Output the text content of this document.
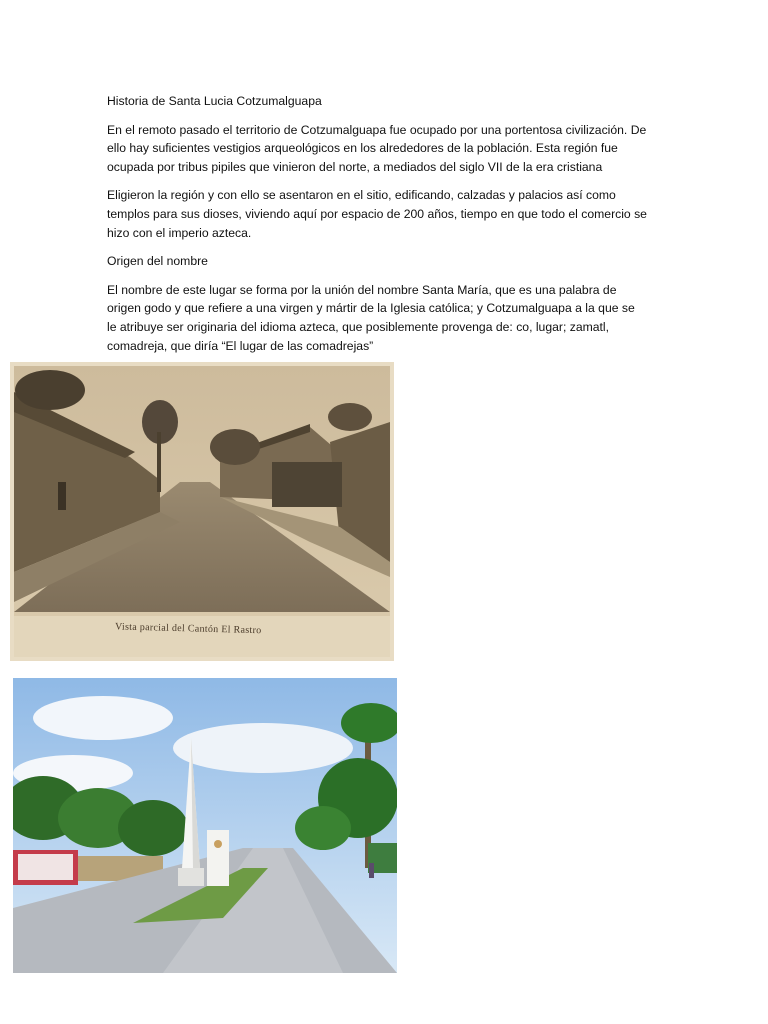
Historia de Santa Lucia Cotzumalguapa

En el remoto pasado el territorio de Cotzumalguapa fue ocupado por una portentosa civilización. De ello hay suficientes vestigios arqueológicos en los alrededores de la población. Esta región fue ocupada por tribus pipiles que vinieron del norte, a mediados del siglo VII de la era cristiana

Eligieron la región y con ello se asentaron en el sitio, edificando, calzadas y palacios así como templos para sus dioses, viviendo aquí por espacio de 200 años, tiempo en que todo el comercio se hizo con el imperio azteca.

Origen del nombre

El nombre de este lugar se forma por la unión del nombre Santa María, que es una palabra de origen godo y que refiere a una virgen y mártir de la Iglesia católica; y Cotzumalguapa a la que se le atribuye ser originaria del idioma azteca, que posiblemente provenga de: co, lugar; zamatl, comadreja, que diría “El lugar de las comadrejas”

Vista parcial del Cantón El Rastro
